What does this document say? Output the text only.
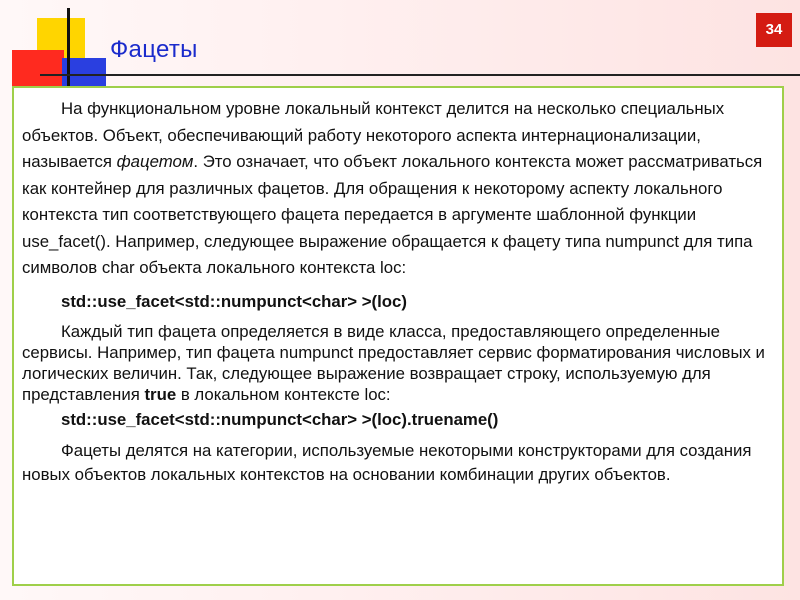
Фацеты
34

На функциональном уровне локальный контекст делится на несколько специальных объектов. Объект, обеспечивающий работу некоторого аспекта интернационализации, называется фацетом. Это означает, что объект локального контекста может рассматриваться как контейнер для различных фацетов. Для обращения к некоторому аспекту локального контекста тип соответствующего фацета передается в аргументе шаблонной функции use_facet(). Например, следующее выражение обращается к фацету типа numpunct для типа символов char объекта локального контекста loc:

std::use_facet<std::numpunct<char> >(loc)

Каждый тип фацета определяется в виде класса, предоставляющего определенные сервисы. Например, тип фацета numpunct предоставляет сервис форматирования числовых и логических величин. Так, следующее выражение возвращает строку, используемую для представления true в локальном контексте loc:

std::use_facet<std::numpunct<char> >(loc).truename()

Фацеты делятся на категории, используемые некоторыми конструкторами для создания новых объектов локальных контекстов на основании комбинации других объектов.
